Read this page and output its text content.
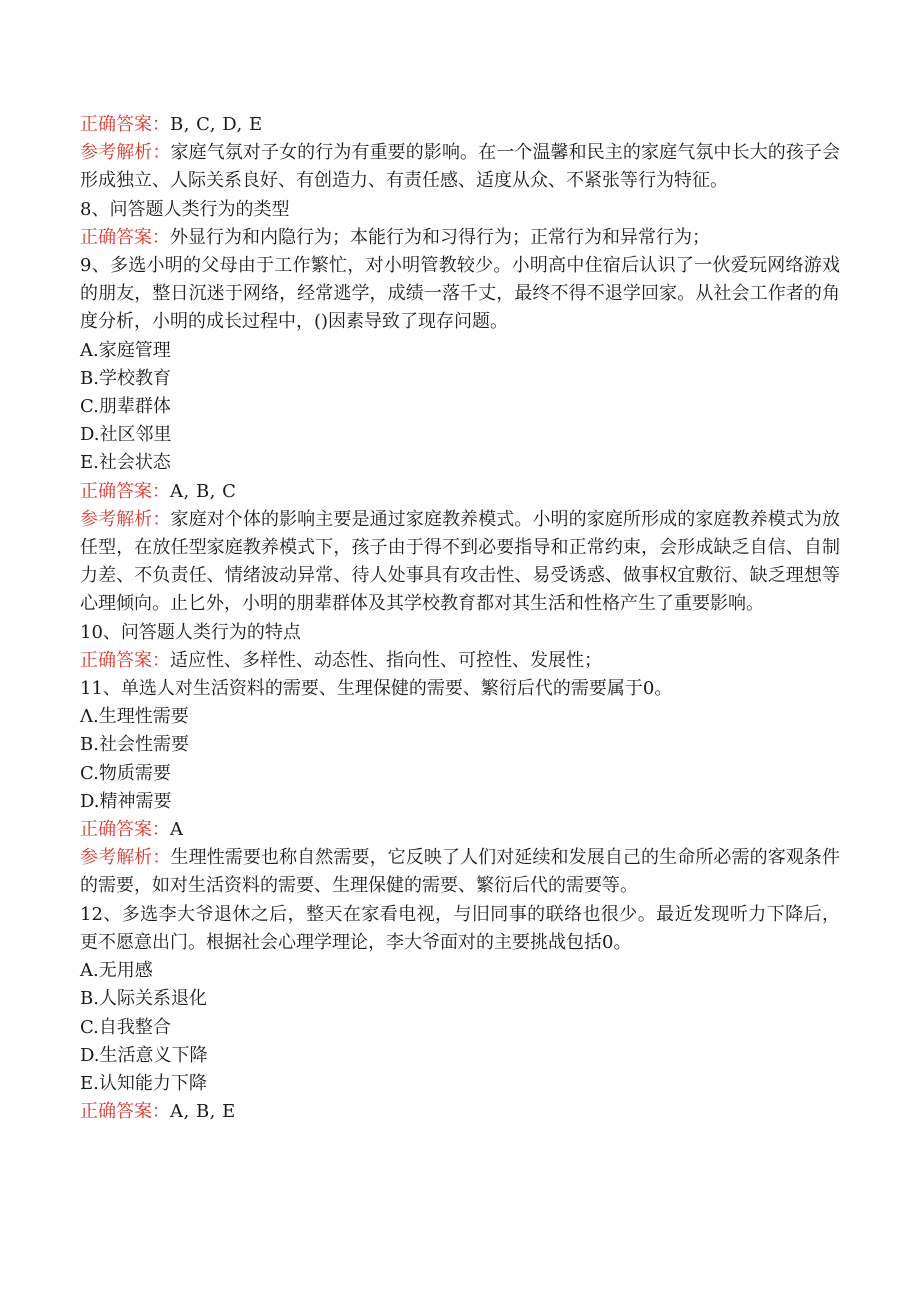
正确答案：B, C, D, E
参考解析：家庭气氛对子女的行为有重要的影响。在一个温馨和民主的家庭气氛中长大的孩子会形成独立、人际关系良好、有创造力、有责任感、适度从众、不紧张等行为特征。
8、问答题人类行为的类型
正确答案：外显行为和内隐行为；本能行为和习得行为；正常行为和异常行为；
9、多选小明的父母由于工作繁忙，对小明管教较少。小明高中住宿后认识了一伙爱玩网络游戏的朋友，整日沉迷于网络，经常逃学，成绩一落千丈，最终不得不退学回家。从社会工作者的角度分析，小明的成长过程中，()因素导致了现存问题。
A.家庭管理
B.学校教育
C.朋辈群体
D.社区邻里
E.社会状态
正确答案：A, B, C
参考解析：家庭对个体的影响主要是通过家庭教养模式。小明的家庭所形成的家庭教养模式为放任型，在放任型家庭教养模式下，孩子由于得不到必要指导和正常约束，会形成缺乏自信、自制力差、不负责任、情绪波动异常、待人处事具有攻击性、易受诱惑、做事权宜敷衍、缺乏理想等心理倾向。止匕外，小明的朋辈群体及其学校教育都对其生活和性格产生了重要影响。
10、问答题人类行为的特点
正确答案：适应性、多样性、动态性、指向性、可控性、发展性；
11、单选人对生活资料的需要、生理保健的需要、繁衍后代的需要属于0。
Λ.生理性需要
B.社会性需要
C.物质需要
D.精神需要
正确答案：A
参考解析：生理性需要也称自然需要，它反映了人们对延续和发展自己的生命所必需的客观条件的需要，如对生活资料的需要、生理保健的需要、繁衍后代的需要等。
12、多选李大爷退休之后，整天在家看电视，与旧同事的联络也很少。最近发现听力下降后，更不愿意出门。根据社会心理学理论，李大爷面对的主要挑战包括0。
A.无用感
B.人际关系退化
C.自我整合
D.生活意义下降
E.认知能力下降
正确答案：A, B, E
